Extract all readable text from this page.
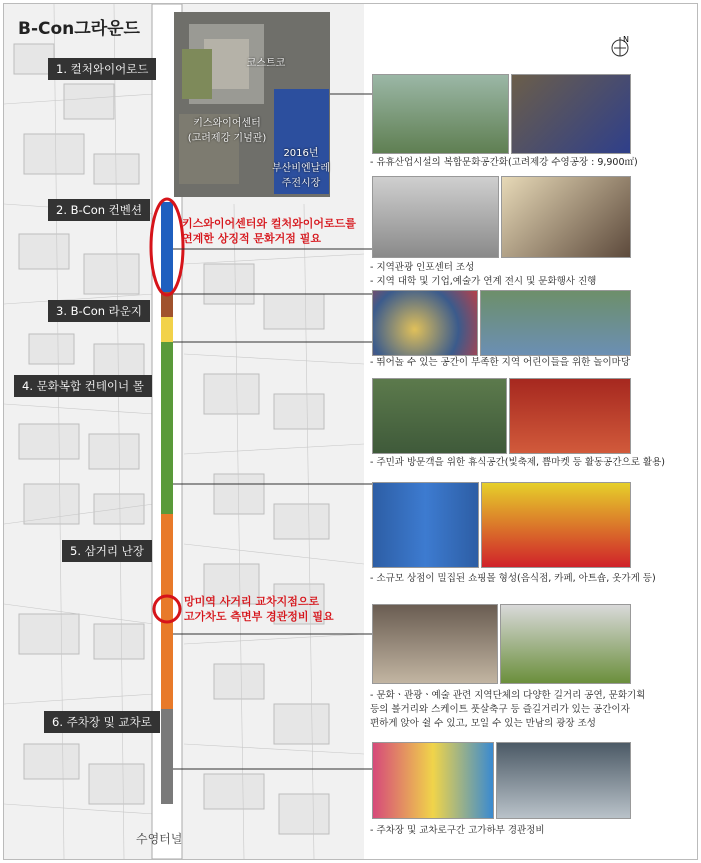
B-Con그라운드
N
코스트코
키스와이어센터
(고려제강 기념관)
2016년
부산비엔날레
주전시장
1. 컬처와이어로드
2. B-Con 컨벤션
3. B-Con 라운지
4. 문화복합 컨테이너 몰
5. 삼거리 난장
6. 주차장 및 교차로
키스와이어센터와 컬처와이어로드를
연계한 상징적 문화거점 필요
망미역 사거리 교차지점으로
고가차도 측면부 경관정비 필요
수영터널
- 유휴산업시설의 복합문화공간화(고려제강 수영공장 : 9,900㎡)
- 지역관광 인포센터 조성
- 지역 대학 및 기업,예술가 연계 전시 및 문화행사 진행
- 뛰어놀 수 있는 공간이 부족한 지역 어린이들을 위한 놀이마당
- 주민과 방문객을 위한 휴식공간(빛축제, 쁨마켓 등 활동공간으로 활용)
- 소규모 상점이 밀집된 쇼핑몰 형성(음식점, 카페, 아트숍, 옷가게 등)
- 문화ㆍ관광ㆍ예술 관련 지역단체의 다양한 길거리 공연, 문화기획
등의 볼거리와 스케이트 풋살축구 등 즐길거리가 있는 공간이자
편하게 앉아 쉴 수 있고, 모일 수 있는 만남의 광장 조성
- 주차장 및 교차로구간 고가하부 경관정비
